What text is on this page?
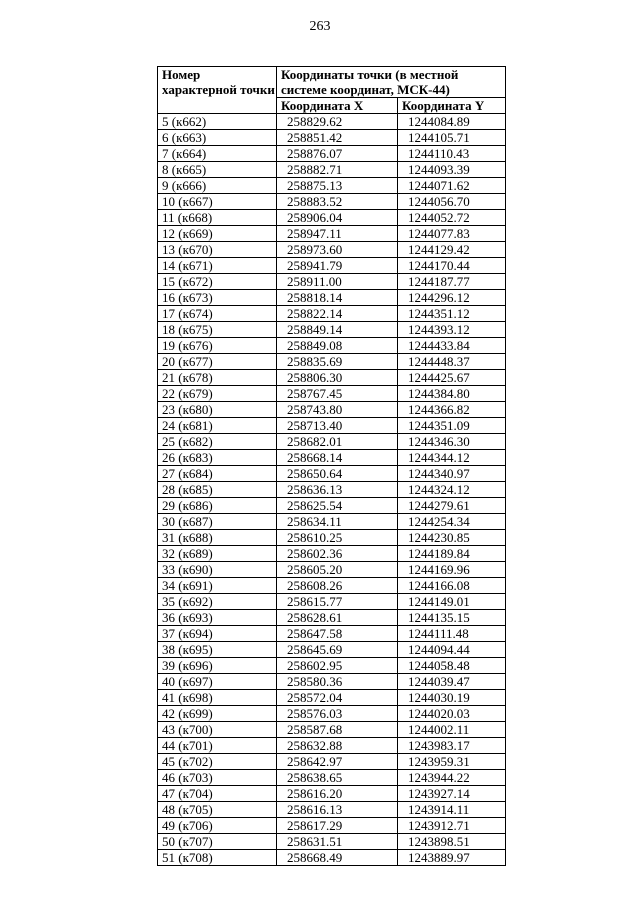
263
Номер характерной точки	Координаты точки (в местной системе координат, МСК-44)	
	Координата X	Координата Y
5 (к662)	258829.62	1244084.89
6 (к663)	258851.42	1244105.71
7 (к664)	258876.07	1244110.43
8 (к665)	258882.71	1244093.39
9 (к666)	258875.13	1244071.62
10 (к667)	258883.52	1244056.70
11 (к668)	258906.04	1244052.72
12 (к669)	258947.11	1244077.83
13 (к670)	258973.60	1244129.42
14 (к671)	258941.79	1244170.44
15 (к672)	258911.00	1244187.77
16 (к673)	258818.14	1244296.12
17 (к674)	258822.14	1244351.12
18 (к675)	258849.14	1244393.12
19 (к676)	258849.08	1244433.84
20 (к677)	258835.69	1244448.37
21 (к678)	258806.30	1244425.67
22 (к679)	258767.45	1244384.80
23 (к680)	258743.80	1244366.82
24 (к681)	258713.40	1244351.09
25 (к682)	258682.01	1244346.30
26 (к683)	258668.14	1244344.12
27 (к684)	258650.64	1244340.97
28 (к685)	258636.13	1244324.12
29 (к686)	258625.54	1244279.61
30 (к687)	258634.11	1244254.34
31 (к688)	258610.25	1244230.85
32 (к689)	258602.36	1244189.84
33 (к690)	258605.20	1244169.96
34 (к691)	258608.26	1244166.08
35 (к692)	258615.77	1244149.01
36 (к693)	258628.61	1244135.15
37 (к694)	258647.58	1244111.48
38 (к695)	258645.69	1244094.44
39 (к696)	258602.95	1244058.48
40 (к697)	258580.36	1244039.47
41 (к698)	258572.04	1244030.19
42 (к699)	258576.03	1244020.03
43 (к700)	258587.68	1244002.11
44 (к701)	258632.88	1243983.17
45 (к702)	258642.97	1243959.31
46 (к703)	258638.65	1243944.22
47 (к704)	258616.20	1243927.14
48 (к705)	258616.13	1243914.11
49 (к706)	258617.29	1243912.71
50 (к707)	258631.51	1243898.51
51 (к708)	258668.49	1243889.97
